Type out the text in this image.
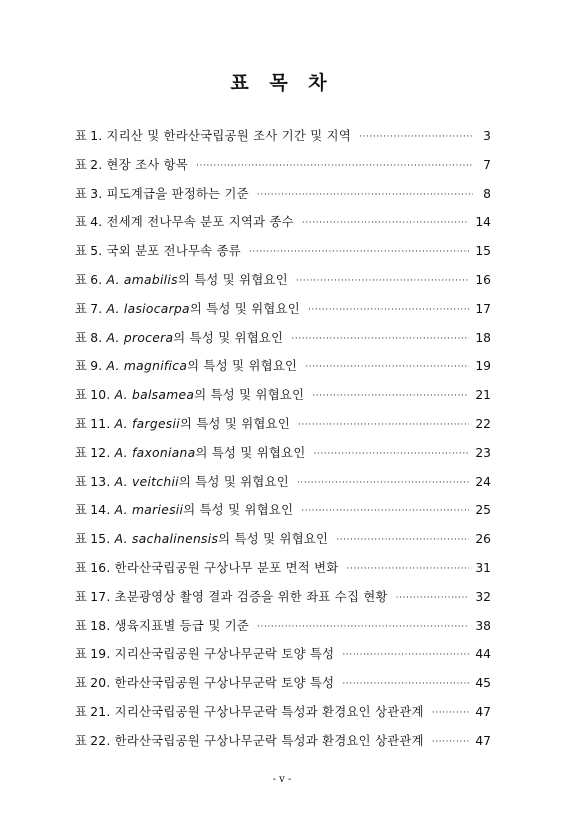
표 목 차
표 1. 지리산 및 한라산국립공원 조사 기간 및 지역 ·····	3
표 2. 현장 조사 항목 ·····	7
표 3. 피도계급을 판정하는 기준 ·····	8
표 4. 전세계 전나무속 분포 지역과 종수 ·····	14
표 5. 국외 분포 전나무속 종류 ·····	15
표 6. A. amabilis의 특성 및 위협요인 ·····	16
표 7. A. lasiocarpa의 특성 및 위협요인 ·····	17
표 8. A. procera의 특성 및 위협요인 ·····	18
표 9. A. magnifica의 특성 및 위협요인 ·····	19
표 10. A. balsamea의 특성 및 위협요인 ·····	21
표 11. A. fargesii의 특성 및 위협요인 ·····	22
표 12. A. faxoniana의 특성 및 위협요인 ·····	23
표 13. A. veitchii의 특성 및 위협요인 ·····	24
표 14. A. mariesii의 특성 및 위협요인 ·····	25
표 15. A. sachalinensis의 특성 및 위협요인 ·····	26
표 16. 한라산국립공원 구상나무 분포 면적 변화 ·····	31
표 17. 초분광영상 촬영 결과 검증을 위한 좌표 수집 현황 ·····	32
표 18. 생육지표별 등급 및 기준 ·····	38
표 19. 지리산국립공원 구상나무군락 토양 특성 ·····	44
표 20. 한라산국립공원 구상나무군락 토양 특성 ·····	45
표 21. 지리산국립공원 구상나무군락 특성과 환경요인 상관관계 ·····	47
표 22. 한라산국립공원 구상나무군락 특성과 환경요인 상관관계 ·····	47
- v -
